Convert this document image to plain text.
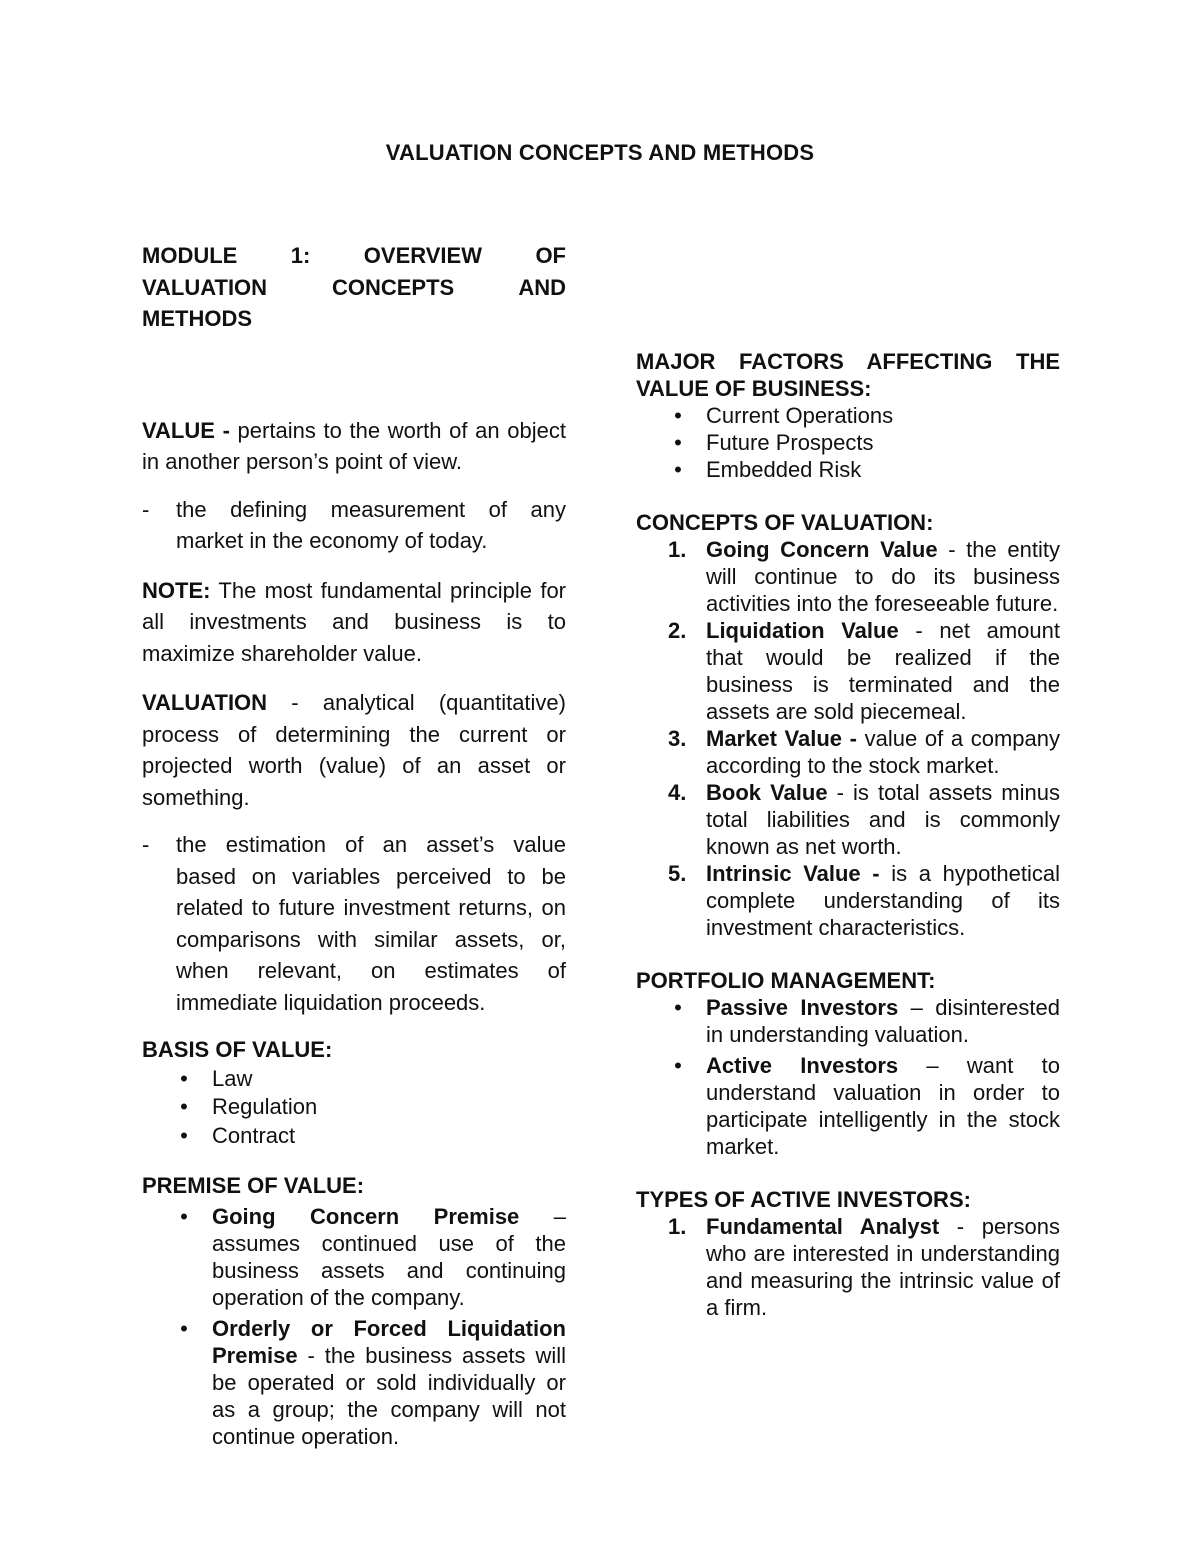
VALUATION CONCEPTS AND METHODS
MODULE 1: OVERVIEW OF
VALUATION CONCEPTS AND
METHODS

VALUE - pertains to the worth of an object in another person’s point of view.

- the defining measurement of any market in the economy of today.

NOTE: The most fundamental principle for all investments and business is to maximize shareholder value.

VALUATION - analytical (quantitative) process of determining the current or projected worth (value) of an asset or something.

- the estimation of an asset’s value based on variables perceived to be related to future investment returns, on comparisons with similar assets, or, when relevant, on estimates of immediate liquidation proceeds.

BASIS OF VALUE:

• Law
• Regulation
• Contract

PREMISE OF VALUE:

• Going Concern Premise – assumes continued use of the business assets and continuing operation of the company.
• Orderly or Forced Liquidation Premise - the business assets will be operated or sold individually or as a group; the company will not continue operation.

MAJOR FACTORS AFFECTING THE VALUE OF BUSINESS:

• Current Operations
• Future Prospects
• Embedded Risk

CONCEPTS OF VALUATION:

1. Going Concern Value - the entity will continue to do its business activities into the foreseeable future.
2. Liquidation Value - net amount that would be realized if the business is terminated and the assets are sold piecemeal.
3. Market Value - value of a company according to the stock market.
4. Book Value - is total assets minus total liabilities and is commonly known as net worth.
5. Intrinsic Value - is a hypothetical complete understanding of its investment characteristics.

PORTFOLIO MANAGEMENT:

• Passive Investors – disinterested in understanding valuation.
• Active Investors – want to understand valuation in order to participate intelligently in the stock market.

TYPES OF ACTIVE INVESTORS:

1. Fundamental Analyst - persons who are interested in understanding and measuring the intrinsic value of a firm.
